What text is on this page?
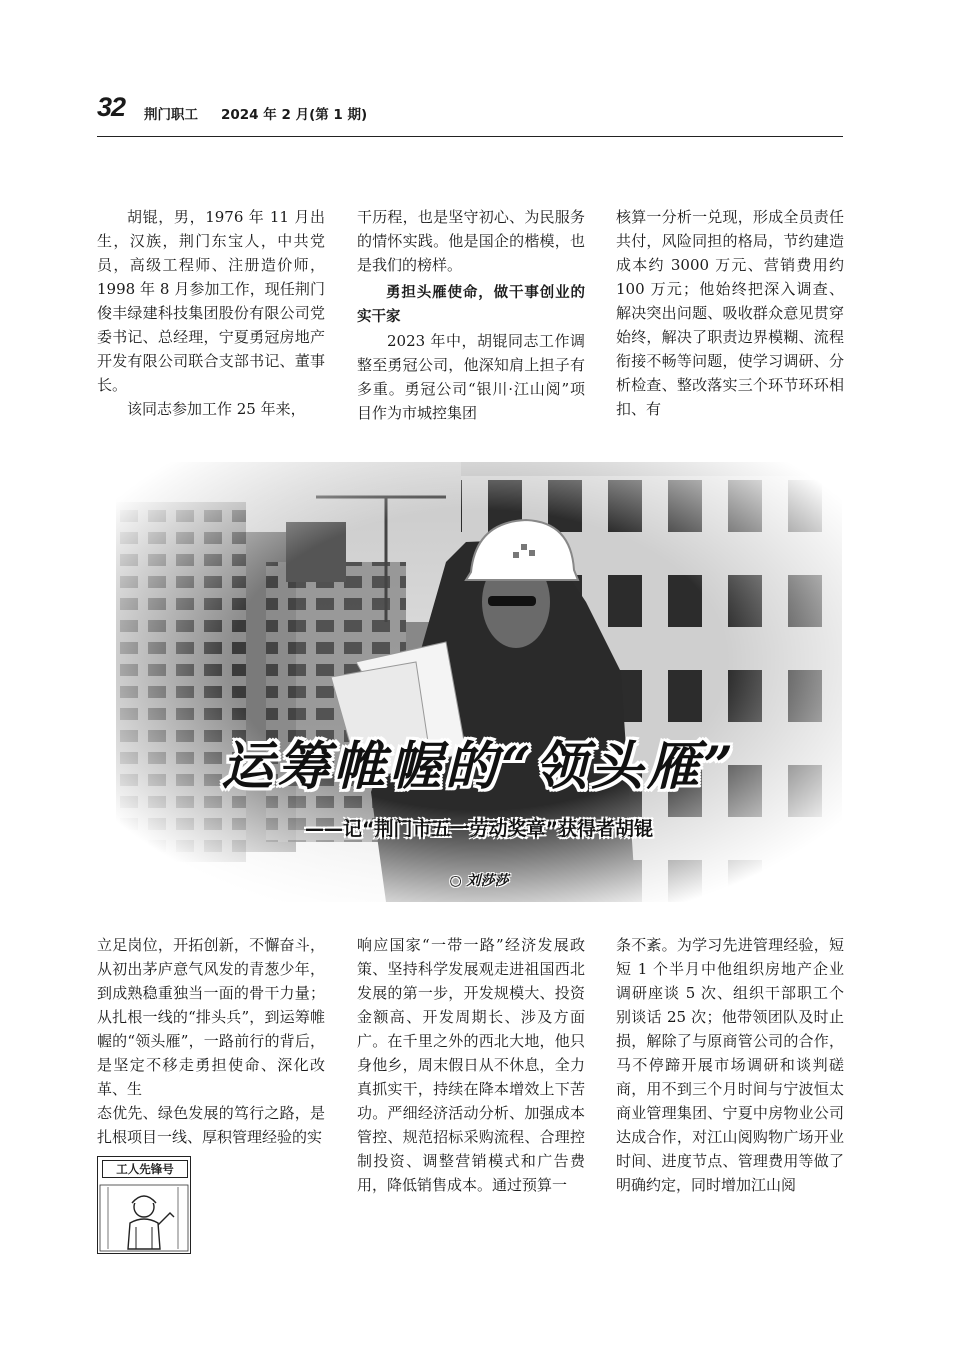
32 荆门职工 2024 年 2 月(第 1 期)

胡锟，男，1976 年 11 月出生，汉族，荆门东宝人，中共党员，高级工程师、注册造价师，1998 年 8 月参加工作，现任荆门俊丰绿建科技集团股份有限公司党委书记、总经理，宁夏勇冠房地产开发有限公司联合支部书记、董事长。

该同志参加工作 25 年来，

干历程，也是坚守初心、为民服务的情怀实践。他是国企的楷模，也是我们的榜样。

勇担头雁使命，做干事创业的实干家

2023 年中，胡锟同志工作调整至勇冠公司，他深知肩上担子有多重。勇冠公司“银川·江山阅”项目作为市城控集团

核算一分析一兑现，形成全员责任共付，风险同担的格局，节约建造成本约 3000 万元、营销费用约 100 万元；他始终把深入调查、解决突出问题、吸收群众意见贯穿始终，解决了职责边界模糊、流程衔接不畅等问题，使学习调研、分析检查、整改落实三个环节环环相扣、有

运筹帷幄的“领头雁”
——记“荆门市五一劳动奖章”获得者胡锟
○ 刘莎莎

立足岗位，开拓创新，不懈奋斗，从初出茅庐意气风发的青葱少年，到成熟稳重独当一面的骨干力量；从扎根一线的“排头兵”，到运筹帷幄的“领头雁”，一路前行的背后，是坚定不移走勇担使命、深化改革、生

态优先、绿色发展的笃行之路，是扎根项目一线、厚积管理经验的实

工人先锋号

响应国家“一带一路”经济发展政策、坚持科学发展观走进祖国西北发展的第一步，开发规模大、投资金额高、开发周期长、涉及方面广。在千里之外的西北大地，他只身他乡，周末假日从不休息，全力真抓实干，持续在降本增效上下苦功。严细经济活动分析、加强成本管控、规范招标采购流程、合理控制投资、调整营销模式和广告费用，降低销售成本。通过预算一

条不紊。为学习先进管理经验，短短 1 个半月中他组织房地产企业调研座谈 5 次、组织干部职工个别谈话 25 次；他带领团队及时止损，解除了与原商管公司的合作，马不停蹄开展市场调研和谈判磋商，用不到三个月时间与宁波恒太商业管理集团、宁夏中房物业公司达成合作，对江山阅购物广场开业时间、进度节点、管理费用等做了明确约定，同时增加江山阅
